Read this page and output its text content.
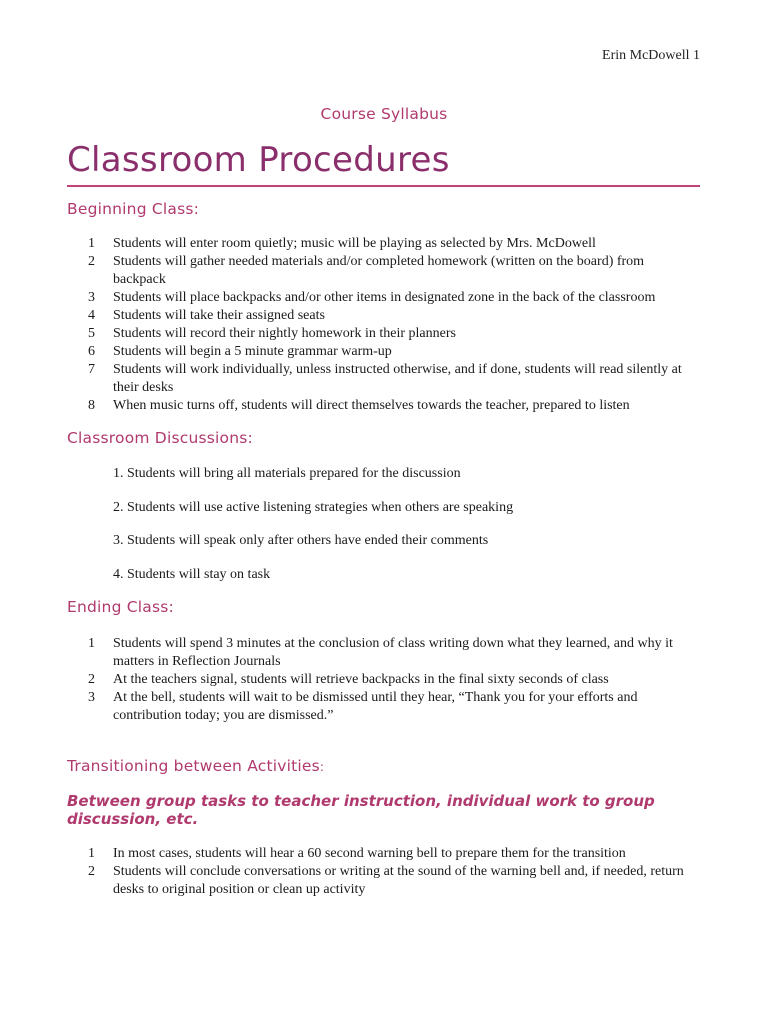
Erin McDowell 1
Course Syllabus
Classroom Procedures
Beginning Class:
1	Students will enter room quietly; music will be playing as selected by Mrs. McDowell
2	Students will gather needed materials and/or completed homework (written on the board) from backpack
3	Students will place backpacks and/or other items in designated zone in the back of the classroom
4	Students will take their assigned seats
5	Students will record their nightly homework in their planners
6	Students will begin a 5 minute grammar warm-up
7	Students will work individually, unless instructed otherwise, and if done, students will read silently at their desks
8	When music turns off, students will direct themselves towards the teacher, prepared to listen
Classroom Discussions:
1. Students will bring all materials prepared for the discussion
2. Students will use active listening strategies when others are speaking
3. Students will speak only after others have ended their comments
4. Students will stay on task
Ending Class:
1	Students will spend 3 minutes at the conclusion of class writing down what they learned, and why it matters in Reflection Journals
2	At the teachers signal, students will retrieve backpacks in the final sixty seconds of class
3	At the bell, students will wait to be dismissed until they hear, “Thank you for your efforts and contribution today; you are dismissed.”
Transitioning between Activities:
Between group tasks to teacher instruction, individual work to group discussion, etc.
1	In most cases, students will hear a 60 second warning bell to prepare them for the transition
2	Students will conclude conversations or writing at the sound of the warning bell and, if needed, return desks to original position or clean up activity
